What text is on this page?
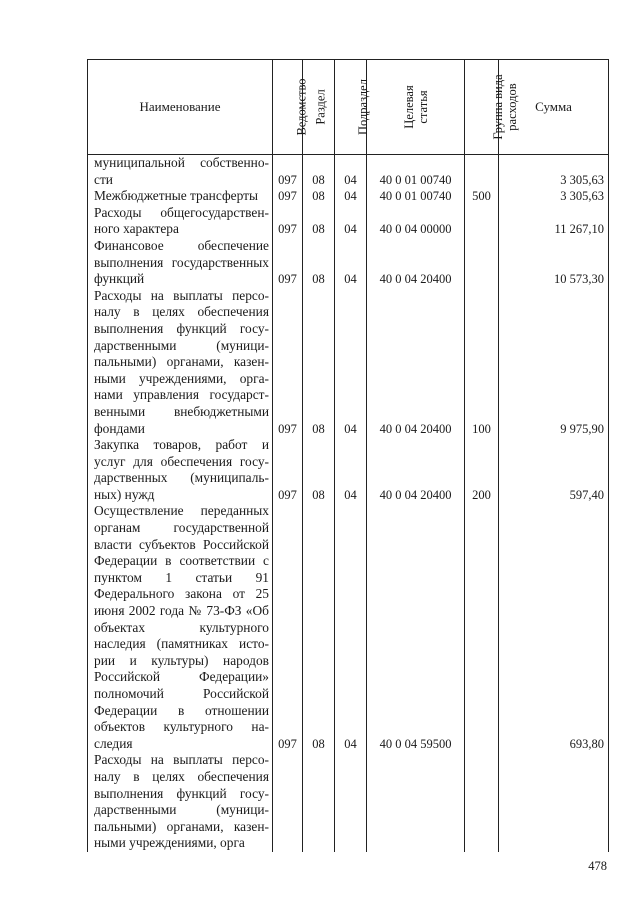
Наименование	Ведомство	Раздел	Подраздел	Целевая статья	Группа вида расходов	Сумма
муниципальной собственности	097	08	04	40 0 01 00740		3 305,63
Межбюджетные трансферты	097	08	04	40 0 01 00740	500	3 305,63
Расходы общегосударственного характера	097	08	04	40 0 04 00000		11 267,10
Финансовое обеспечение выполнения государственных функций	097	08	04	40 0 04 20400		10 573,30
Расходы на выплаты персоналу в целях обеспечения выполнения функций государственными (муниципальными) органами, казенными учреждениями, органами управления государственными внебюджетными фондами	097	08	04	40 0 04 20400	100	9 975,90
Закупка товаров, работ и услуг для обеспечения государственных (муниципальных) нужд	097	08	04	40 0 04 20400	200	597,40
Осуществление переданных органам государственной власти субъектов Российской Федерации в соответствии с пунктом 1 статьи 91 Федерального закона от 25 июня 2002 года № 73-ФЗ «Об объектах культурного наследия (памятниках истории и культуры) народов Российской Федерации» полномочий Российской Федерации в отношении объектов культурного наследия	097	08	04	40 0 04 59500		693,80
Расходы на выплаты персоналу в целях обеспечения выполнения функций государственными (муниципальными) органами, казенными учреждениями, орга						
478
